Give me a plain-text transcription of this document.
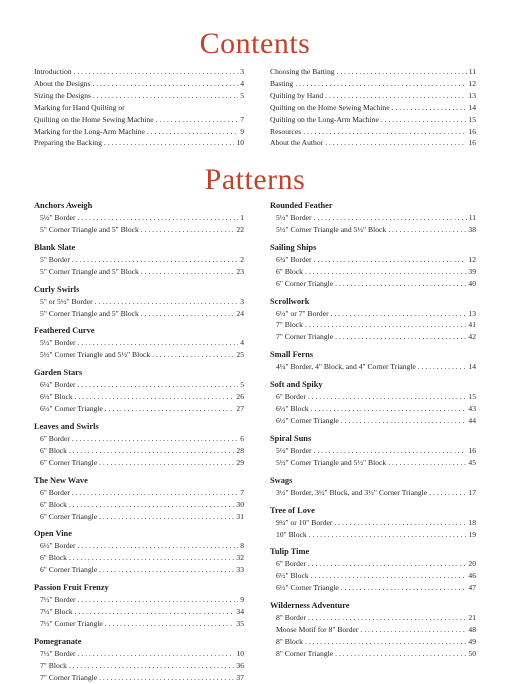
Contents
Introduction . . .	3
About the Designs . . .	4
Sizing the Designs . . .	5
Marking for Hand Quilting or
Quilting on the Home Sewing Machine . . .	7
Marking for the Long-Arm Machine . . .	9
Preparing the Backing . . .	10
Choosing the Batting . . .	11
Basting . . .	12
Quilting by Hand . . .	13
Quilting on the Home Sewing Machine . . .	14
Quilting on the Long-Arm Machine . . .	15
Resources . . .	16
About the Author . . .	16
Patterns
Anchors Aweigh
5½" Border . . .	1
5" Corner Triangle and 5" Block . . .	22
Blank Slate
5" Border . . .	2
5" Corner Triangle and 5" Block . . .	23
Curly Swirls
5" or 5½" Border . . .	3
5" Corner Triangle and 5" Block . . .	24
Feathered Curve
5½" Border . . .	4
5½" Corner Triangle and 5½" Block . . .	25
Garden Stars
6¼" Border . . .	5
6½" Block . . .	26
6½" Corner Triangle . . .	27
Leaves and Swirls
6" Border . . .	6
6" Block . . .	28
6" Corner Triangle . . .	29
The New Wave
6" Border . . .	7
6" Block . . .	30
6" Corner Triangle . . .	31
Open Vine
6½" Border . . .	8
6" Block . . .	32
6" Corner Triangle . . .	33
Passion Fruit Frenzy
7½" Border . . .	9
7½" Block . . .	34
7½" Corner Triangle . . .	35
Pomegranate
7½" Border . . .	10
7" Block . . .	36
7" Corner Triangle . . .	37
Rounded Feather
5½" Border . . .	11
5½" Corner Triangle and 5½" Block . . .	38
Sailing Ships
6¾" Border . . .	12
6" Block . . .	39
6" Corner Triangle . . .	40
Scrollwork
6½" or 7" Border . . .	13
7" Block . . .	41
7" Corner Triangle . . .	42
Small Ferns
4¼" Border, 4" Block, and 4" Corner Triangle . . .	14
Soft and Spiky
6" Border . . .	15
6½" Block . . .	43
6½" Corner Triangle . . .	44
Spiral Suns
5½" Border . . .	16
5½" Corner Triangle and 5½" Block . . .	45
Swags
3½" Border, 3½" Block, and 3½" Corner Triangle . . .	17
Tree of Love
9¾" or 10" Border . . .	18
10" Block . . .	19
Tulip Time
6" Border . . .	20
6½" Block . . .	46
6½" Corner Triangle . . .	47
Wilderness Adventure
8" Border . . .	21
Moose Motif for 8" Border . . .	48
8" Block . . .	49
8" Corner Triangle . . .	50
